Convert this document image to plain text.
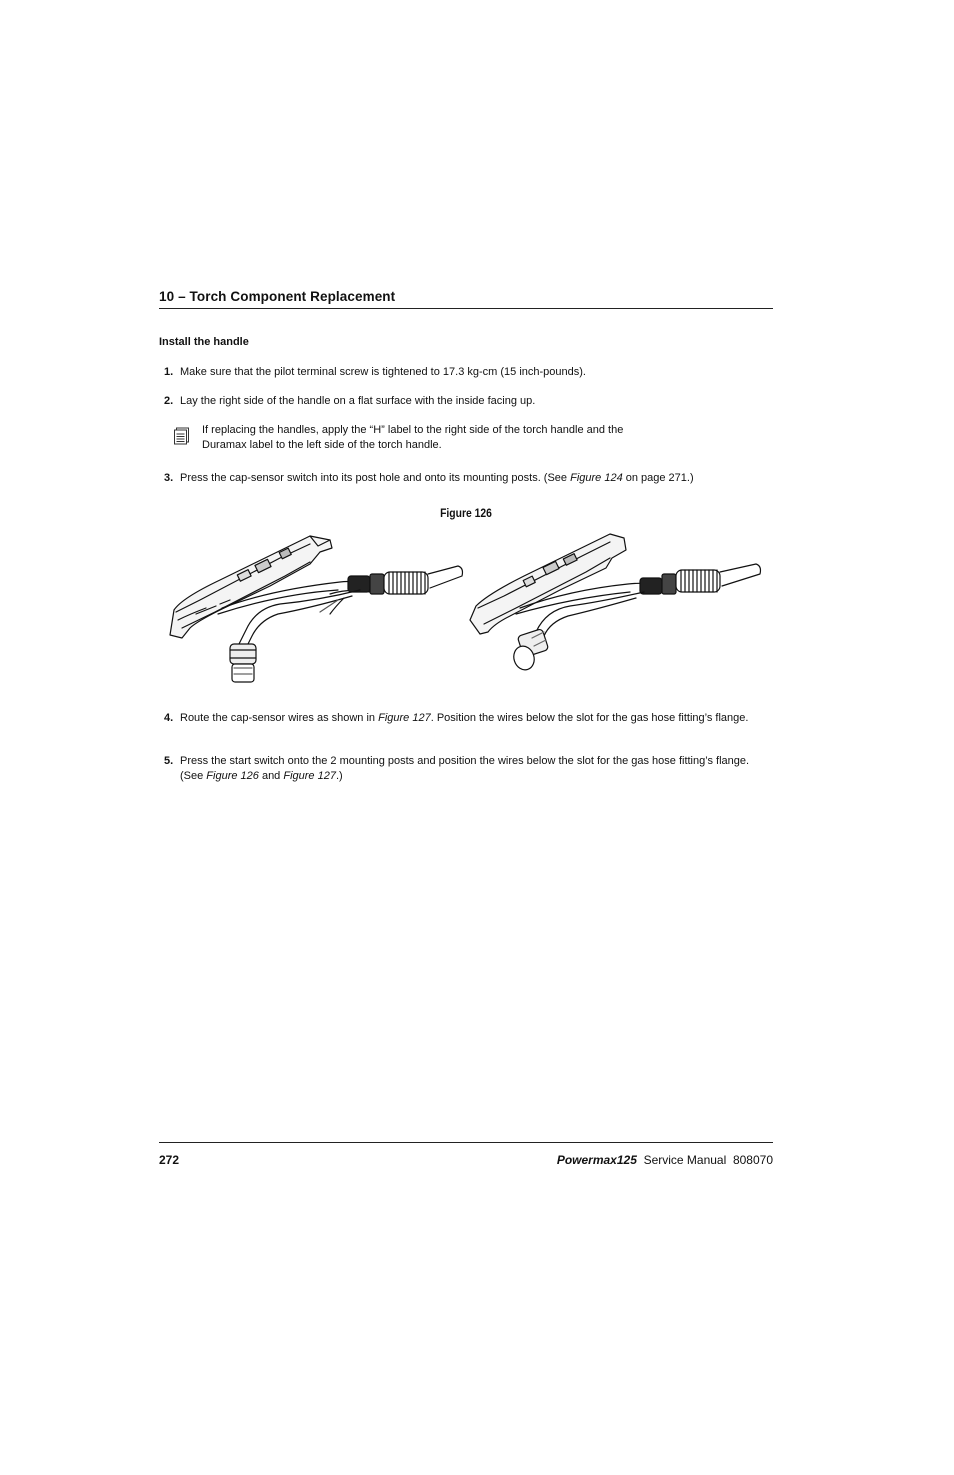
10 – Torch Component Replacement
Install the handle
1. Make sure that the pilot terminal screw is tightened to 17.3 kg-cm (15 inch-pounds).
2. Lay the right side of the handle on a flat surface with the inside facing up.
If replacing the handles, apply the “H” label to the right side of the torch handle and the
Duramax label to the left side of the torch handle.
3. Press the cap-sensor switch into its post hole and onto its mounting posts. (See Figure 124 on page 271.)
Figure 126
4. Route the cap-sensor wires as shown in Figure 127. Position the wires below the slot for the gas hose fitting’s flange.
5. Press the start switch onto the 2 mounting posts and position the wires below the slot for the gas hose fitting’s flange. (See Figure 126 and Figure 127.)
272	Powermax125 Service Manual 808070
